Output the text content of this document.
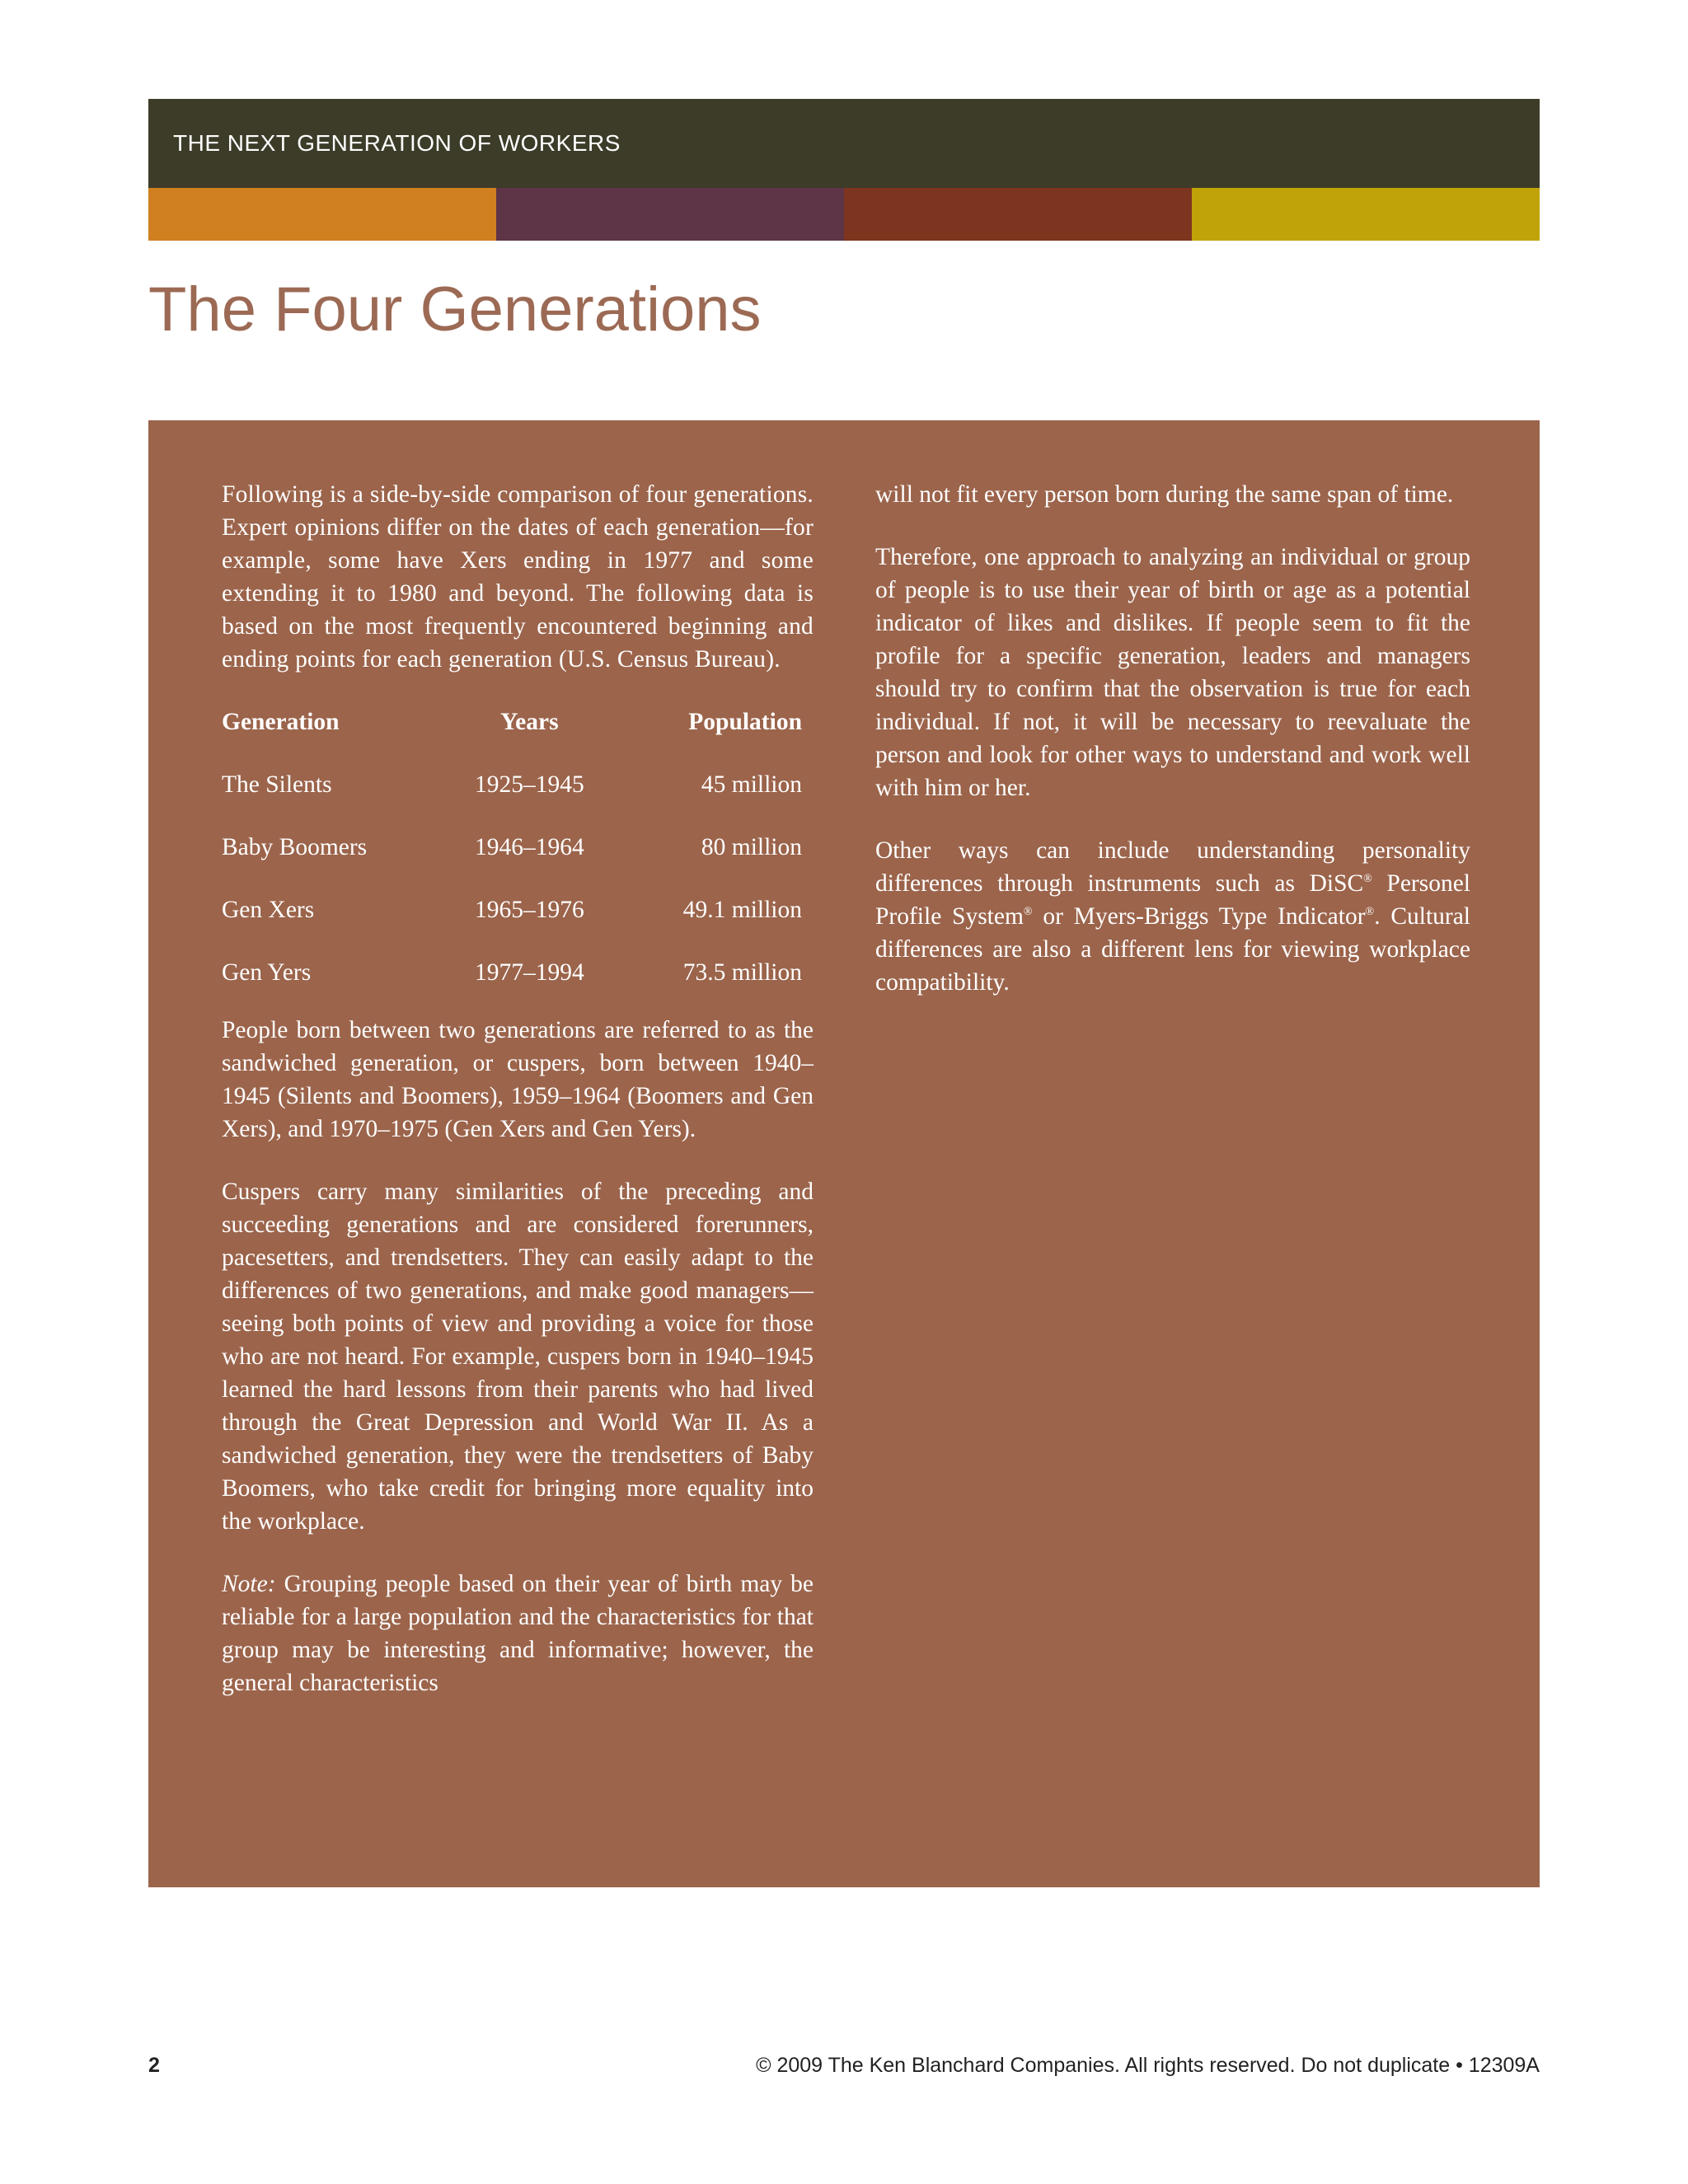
THE NEXT GENERATION OF WORKERS
The Four Generations

Following is a side-by-side comparison of four generations. Expert opinions differ on the dates of each generation—for example, some have Xers ending in 1977 and some extending it to 1980 and beyond. The following data is based on the most frequently encountered beginning and ending points for each generation (U.S. Census Bureau).

Generation	Years	Population
The Silents	1925–1945	45 million
Baby Boomers	1946–1964	80 million
Gen Xers	1965–1976	49.1 million
Gen Yers	1977–1994	73.5 million

People born between two generations are referred to as the sandwiched generation, or cuspers, born between 1940–1945 (Silents and Boomers), 1959–1964 (Boomers and Gen Xers), and 1970–1975 (Gen Xers and Gen Yers).

Cuspers carry many similarities of the preceding and succeeding generations and are considered forerunners, pacesetters, and trendsetters. They can easily adapt to the differences of two generations, and make good managers—seeing both points of view and providing a voice for those who are not heard. For example, cuspers born in 1940–1945 learned the hard lessons from their parents who had lived through the Great Depression and World War II. As a sandwiched generation, they were the trendsetters of Baby Boomers, who take credit for bringing more equality into the workplace.

Note: Grouping people based on their year of birth may be reliable for a large population and the characteristics for that group may be interesting and informative; however, the general characteristics

will not fit every person born during the same span of time.

Therefore, one approach to analyzing an individual or group of people is to use their year of birth or age as a potential indicator of likes and dislikes. If people seem to fit the profile for a specific generation, leaders and managers should try to confirm that the observation is true for each individual. If not, it will be necessary to reevaluate the person and look for other ways to understand and work well with him or her.

Other ways can include understanding personality differences through instruments such as DiSC® Personel Profile System® or Myers-Briggs Type Indicator®. Cultural differences are also a different lens for viewing workplace compatibility.

2	© 2009 The Ken Blanchard Companies. All rights reserved. Do not duplicate • 12309A
